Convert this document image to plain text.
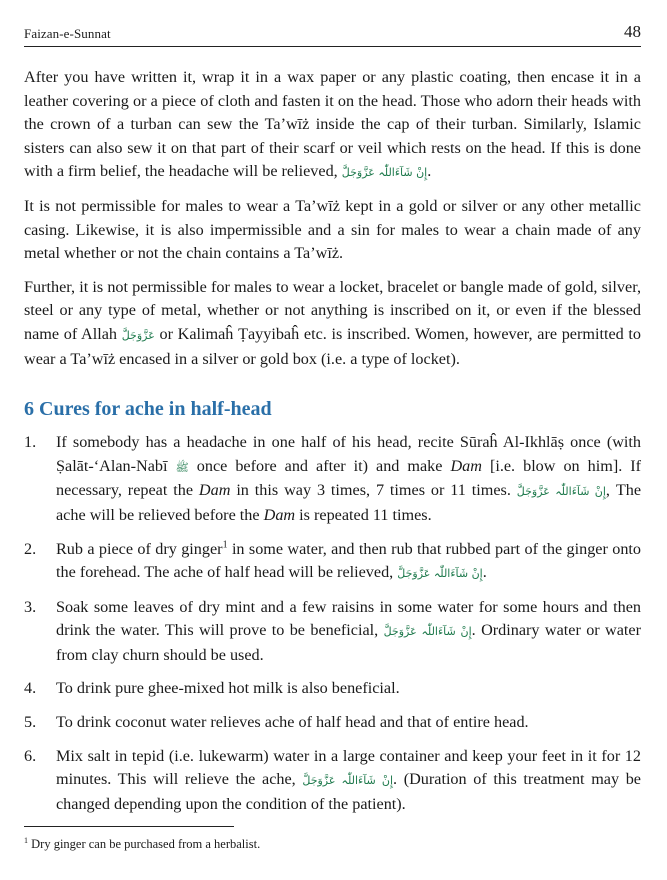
Faizan-e-Sunnat	48

After you have written it, wrap it in a wax paper or any plastic coating, then encase it in a leather covering or a piece of cloth and fasten it on the head. Those who adorn their heads with the crown of a turban can sew the Ta’wīż inside the cap of their turban. Similarly, Islamic sisters can also sew it on that part of their scarf or veil which rests on the head. If this is done with a firm belief, the headache will be relieved, إِنْ شَآءَاللّٰہ عَزَّوَجَلَّ.

It is not permissible for males to wear a Ta’wīż kept in a gold or silver or any other metallic casing. Likewise, it is also impermissible and a sin for males to wear a chain made of any metal whether or not the chain contains a Ta’wīż.

Further, it is not permissible for males to wear a locket, bracelet or bangle made of gold, silver, steel or any type of metal, whether or not anything is inscribed on it, or even if the blessed name of Allah عَزَّوَجَلَّ or Kalimaĥ Ṭayyibaĥ etc. is inscribed. Women, however, are permitted to wear a Ta’wīż encased in a silver or gold box (i.e. a type of locket).

6 Cures for ache in half-head
1. If somebody has a headache in one half of his head, recite Sūraĥ Al-Ikhlāṣ once (with Ṣalāt-‘Alan-Nabī ﷺ once before and after it) and make Dam [i.e. blow on him]. If necessary, repeat the Dam in this way 3 times, 7 times or 11 times. إِنْ شَآءَاللّٰہ عَزَّوَجَلَّ, The ache will be relieved before the Dam is repeated 11 times.
2. Rub a piece of dry ginger$^1$ in some water, and then rub that rubbed part of the ginger onto the forehead. The ache of half head will be relieved, إِنْ شَآءَاللّٰہ عَزَّوَجَلَّ.
3. Soak some leaves of dry mint and a few raisins in some water for some hours and then drink the water. This will prove to be beneficial, إِنْ شَآءَاللّٰہ عَزَّوَجَلَّ. Ordinary water or water from clay churn should be used.
4. To drink pure ghee-mixed hot milk is also beneficial.
5. To drink coconut water relieves ache of half head and that of entire head.
6. Mix salt in tepid (i.e. lukewarm) water in a large container and keep your feet in it for 12 minutes. This will relieve the ache, إِنْ شَآءَاللّٰہ عَزَّوَجَلَّ. (Duration of this treatment may be changed depending upon the condition of the patient).
$^1$ Dry ginger can be purchased from a herbalist.
